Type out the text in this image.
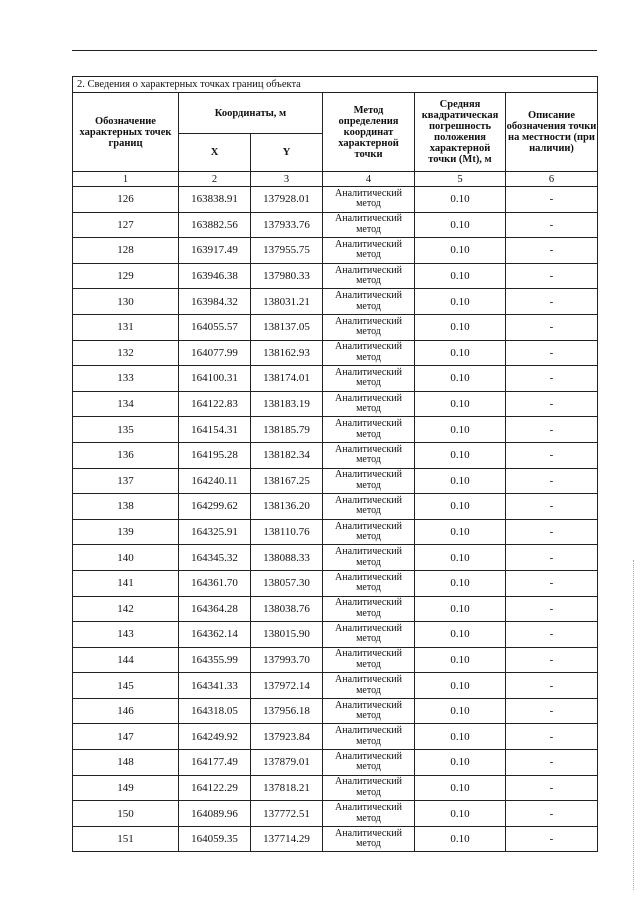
2. Сведения о характерных точках границ объекта					
Обозначение характерных точек границ	Координаты, м		Метод определения координат характерной точки	Средняя квадратическая погрешность положения характерной точки (Mt), м	Описание обозначения точки на местности (при наличии)
	X	Y			
1	2	3	4	5	6
126	163838.91	137928.01	Аналитический метод	0.10	-
127	163882.56	137933.76	Аналитический метод	0.10	-
128	163917.49	137955.75	Аналитический метод	0.10	-
129	163946.38	137980.33	Аналитический метод	0.10	-
130	163984.32	138031.21	Аналитический метод	0.10	-
131	164055.57	138137.05	Аналитический метод	0.10	-
132	164077.99	138162.93	Аналитический метод	0.10	-
133	164100.31	138174.01	Аналитический метод	0.10	-
134	164122.83	138183.19	Аналитический метод	0.10	-
135	164154.31	138185.79	Аналитический метод	0.10	-
136	164195.28	138182.34	Аналитический метод	0.10	-
137	164240.11	138167.25	Аналитический метод	0.10	-
138	164299.62	138136.20	Аналитический метод	0.10	-
139	164325.91	138110.76	Аналитический метод	0.10	-
140	164345.32	138088.33	Аналитический метод	0.10	-
141	164361.70	138057.30	Аналитический метод	0.10	-
142	164364.28	138038.76	Аналитический метод	0.10	-
143	164362.14	138015.90	Аналитический метод	0.10	-
144	164355.99	137993.70	Аналитический метод	0.10	-
145	164341.33	137972.14	Аналитический метод	0.10	-
146	164318.05	137956.18	Аналитический метод	0.10	-
147	164249.92	137923.84	Аналитический метод	0.10	-
148	164177.49	137879.01	Аналитический метод	0.10	-
149	164122.29	137818.21	Аналитический метод	0.10	-
150	164089.96	137772.51	Аналитический метод	0.10	-
151	164059.35	137714.29	Аналитический метод	0.10	-
